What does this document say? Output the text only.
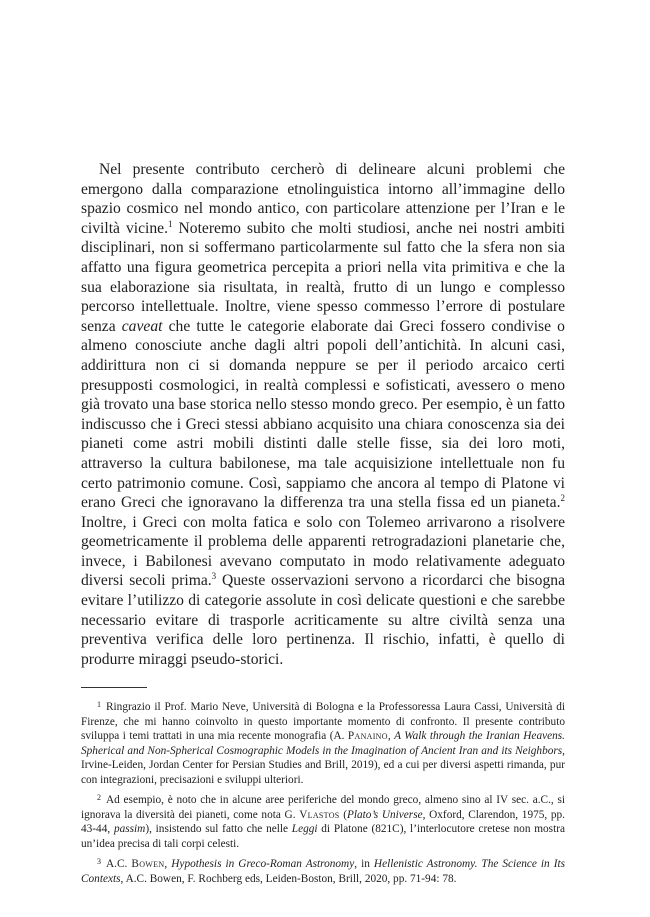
Nel presente contributo cercherò di delineare alcuni problemi che emergono dalla comparazione etnolinguistica intorno all’immagine dello spazio cosmico nel mondo antico, con particolare attenzione per l’Iran e le civiltà vicine.$^1$ Noteremo subito che molti studiosi, anche nei nostri ambiti disciplinari, non si soffermano particolarmente sul fatto che la sfera non sia affatto una figura geometrica percepita a priori nella vita primitiva e che la sua elaborazione sia risultata, in realtà, frutto di un lungo e complesso percorso intellettuale. Inoltre, viene spesso commesso l’errore di postulare senza caveat che tutte le categorie elaborate dai Greci fossero condivise o almeno conosciute anche dagli altri popoli dell’antichità. In alcuni casi, addirittura non ci si domanda neppure se per il periodo arcaico certi presupposti cosmologici, in realtà complessi e sofisticati, avessero o meno già trovato una base storica nello stesso mondo greco. Per esempio, è un fatto indiscusso che i Greci stessi abbiano acquisito una chiara conoscenza sia dei pianeti come astri mobili distinti dalle stelle fisse, sia dei loro moti, attraverso la cultura babilonese, ma tale acquisizione intellettuale non fu certo patrimonio comune. Così, sappiamo che ancora al tempo di Platone vi erano Greci che ignoravano la differenza tra una stella fissa ed un pianeta.$^2$ Inoltre, i Greci con molta fatica e solo con Tolemeo arrivarono a risolvere geometricamente il problema delle apparenti retrogradazioni planetarie che, invece, i Babilonesi avevano computato in modo relativamente adeguato diversi secoli prima.$^3$ Queste osservazioni servono a ricordarci che bisogna evitare l’utilizzo di categorie assolute in così delicate questioni e che sarebbe necessario evitare di trasporle acriticamente su altre civiltà senza una preventiva verifica delle loro pertinenza. Il rischio, infatti, è quello di produrre miraggi pseudo-storici.

$^1$ Ringrazio il Prof. Mario Neve, Università di Bologna e la Professoressa Laura Cassi, Università di Firenze, che mi hanno coinvolto in questo importante momento di confronto. Il presente contributo sviluppa i temi trattati in una mia recente monografia (A. Panaino, A Walk through the Iranian Heavens. Spherical and Non-Spherical Cosmographic Models in the Imagination of Ancient Iran and its Neighbors, Irvine-Leiden, Jordan Center for Persian Studies and Brill, 2019), ed a cui per diversi aspetti rimanda, pur con integrazioni, precisazioni e sviluppi ulteriori.

$^2$ Ad esempio, è noto che in alcune aree periferiche del mondo greco, almeno sino al IV sec. a.C., si ignorava la diversità dei pianeti, come nota G. Vlastos (Plato’s Universe, Oxford, Clarendon, 1975, pp. 43-44, passim), insistendo sul fatto che nelle Leggi di Platone (821C), l’interlocutore cretese non mostra un’idea precisa di tali corpi celesti.

$^3$ A.C. Bowen, Hypothesis in Greco-Roman Astronomy, in Hellenistic Astronomy. The Science in Its Contexts, A.C. Bowen, F. Rochberg eds, Leiden-Boston, Brill, 2020, pp. 71-94: 78.
